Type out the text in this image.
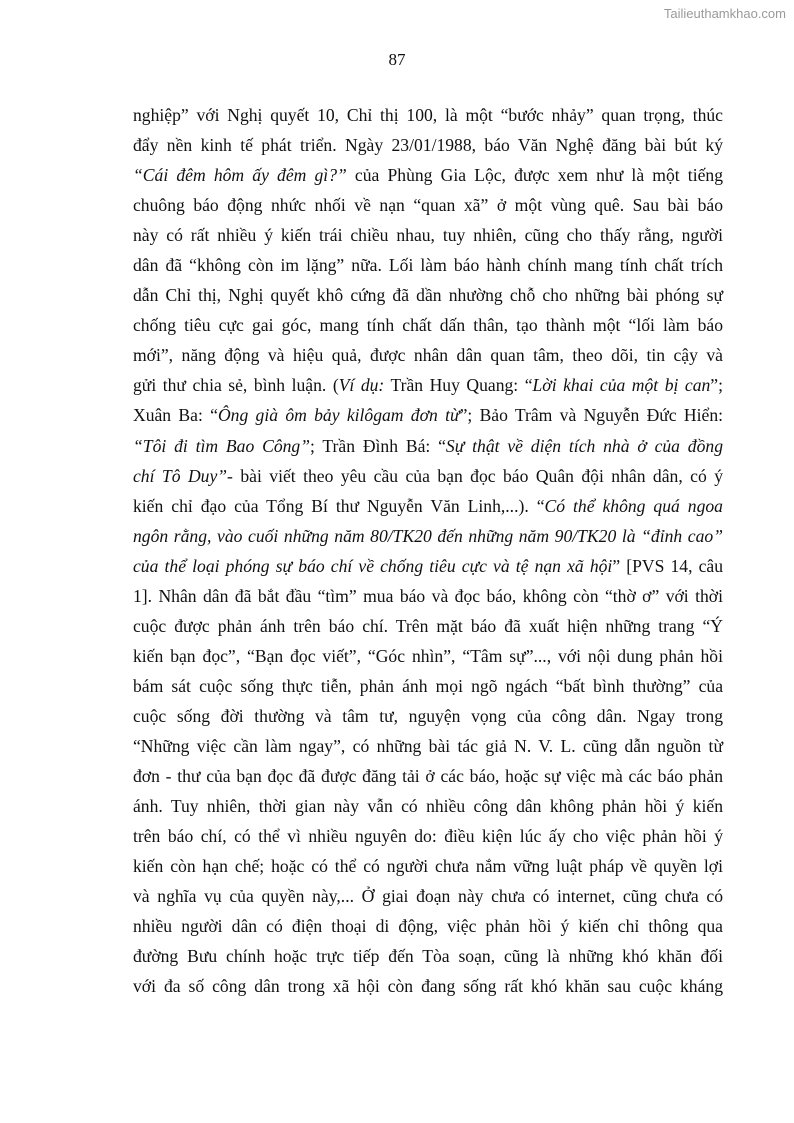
Tailieuthamkhao.com
87
nghiệp” với Nghị quyết 10, Chỉ thị 100, là một “bước nhảy” quan trọng, thúc
đẩy nền kinh tế phát triển. Ngày 23/01/1988, báo Văn Nghệ đăng bài bút ký
“Cái đêm hôm ấy đêm gì?” của Phùng Gia Lộc, được xem như là một tiếng
chuông báo động nhức nhối về nạn “quan xã” ở một vùng quê. Sau bài báo
này có rất nhiều ý kiến trái chiều nhau, tuy nhiên, cũng cho thấy rằng, người
dân đã “không còn im lặng” nữa. Lối làm báo hành chính mang tính chất trích
dẫn Chỉ thị, Nghị quyết khô cứng đã dần nhường chỗ cho những bài phóng sự
chống tiêu cực gai góc, mang tính chất dấn thân, tạo thành một “lối làm báo
mới”, năng động và hiệu quả, được nhân dân quan tâm, theo dõi, tin cậy và
gửi thư chia sẻ, bình luận. (Ví dụ: Trần Huy Quang: “Lời khai của một bị can”;
Xuân Ba: “Ông già ôm bảy kilôgam đơn từ”; Bảo Trâm và Nguyễn Đức Hiển:
“Tôi đi tìm Bao Công”; Trần Đình Bá: “Sự thật về diện tích nhà ở của đồng
chí Tô Duy”- bài viết theo yêu cầu của bạn đọc báo Quân đội nhân dân, có ý
kiến chỉ đạo của Tổng Bí thư Nguyễn Văn Linh,...). “Có thể không quá ngoa
ngôn rằng, vào cuối những năm 80/TK20 đến những năm 90/TK20 là “đỉnh cao”
của thể loại phóng sự báo chí về chống tiêu cực và tệ nạn xã hội” [PVS 14, câu
1]. Nhân dân đã bắt đầu “tìm” mua báo và đọc báo, không còn “thờ ơ” với thời
cuộc được phản ánh trên báo chí. Trên mặt báo đã xuất hiện những trang “Ý
kiến bạn đọc”, “Bạn đọc viết”, “Góc nhìn”, “Tâm sự”..., với nội dung phản hồi
bám sát cuộc sống thực tiễn, phản ánh mọi ngõ ngách “bất bình thường” của
cuộc sống đời thường và tâm tư, nguyện vọng của công dân. Ngay trong
“Những việc cần làm ngay”, có những bài tác giả N. V. L. cũng dẫn nguồn từ
đơn - thư của bạn đọc đã được đăng tải ở các báo, hoặc sự việc mà các báo phản
ánh. Tuy nhiên, thời gian này vẫn có nhiều công dân không phản hồi ý kiến
trên báo chí, có thể vì nhiều nguyên do: điều kiện lúc ấy cho việc phản hồi ý
kiến còn hạn chế; hoặc có thể có người chưa nắm vững luật pháp về quyền lợi
và nghĩa vụ của quyền này,... Ở giai đoạn này chưa có internet, cũng chưa có
nhiều người dân có điện thoại di động, việc phản hồi ý kiến chỉ thông qua
đường Bưu chính hoặc trực tiếp đến Tòa soạn, cũng là những khó khăn đối
với đa số công dân trong xã hội còn đang sống rất khó khăn sau cuộc kháng
